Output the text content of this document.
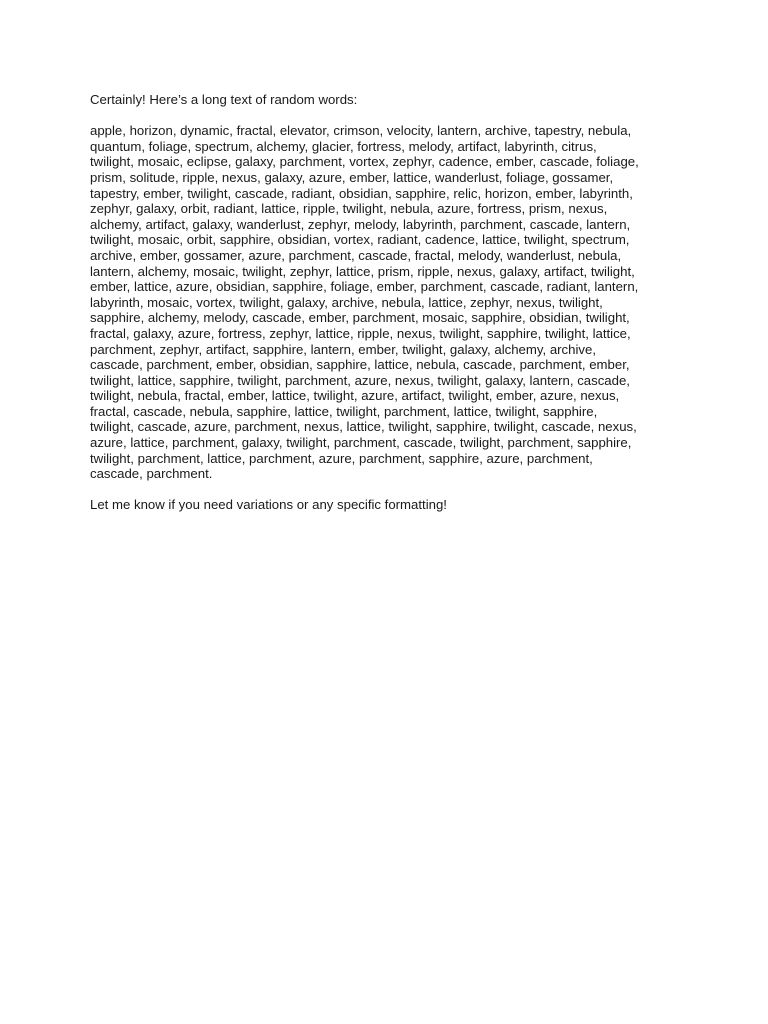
Certainly! Here’s a long text of random words:

apple, horizon, dynamic, fractal, elevator, crimson, velocity, lantern, archive, tapestry, nebula,
quantum, foliage, spectrum, alchemy, glacier, fortress, melody, artifact, labyrinth, citrus,
twilight, mosaic, eclipse, galaxy, parchment, vortex, zephyr, cadence, ember, cascade, foliage,
prism, solitude, ripple, nexus, galaxy, azure, ember, lattice, wanderlust, foliage, gossamer,
tapestry, ember, twilight, cascade, radiant, obsidian, sapphire, relic, horizon, ember, labyrinth,
zephyr, galaxy, orbit, radiant, lattice, ripple, twilight, nebula, azure, fortress, prism, nexus,
alchemy, artifact, galaxy, wanderlust, zephyr, melody, labyrinth, parchment, cascade, lantern,
twilight, mosaic, orbit, sapphire, obsidian, vortex, radiant, cadence, lattice, twilight, spectrum,
archive, ember, gossamer, azure, parchment, cascade, fractal, melody, wanderlust, nebula,
lantern, alchemy, mosaic, twilight, zephyr, lattice, prism, ripple, nexus, galaxy, artifact, twilight,
ember, lattice, azure, obsidian, sapphire, foliage, ember, parchment, cascade, radiant, lantern,
labyrinth, mosaic, vortex, twilight, galaxy, archive, nebula, lattice, zephyr, nexus, twilight,
sapphire, alchemy, melody, cascade, ember, parchment, mosaic, sapphire, obsidian, twilight,
fractal, galaxy, azure, fortress, zephyr, lattice, ripple, nexus, twilight, sapphire, twilight, lattice,
parchment, zephyr, artifact, sapphire, lantern, ember, twilight, galaxy, alchemy, archive,
cascade, parchment, ember, obsidian, sapphire, lattice, nebula, cascade, parchment, ember,
twilight, lattice, sapphire, twilight, parchment, azure, nexus, twilight, galaxy, lantern, cascade,
twilight, nebula, fractal, ember, lattice, twilight, azure, artifact, twilight, ember, azure, nexus,
fractal, cascade, nebula, sapphire, lattice, twilight, parchment, lattice, twilight, sapphire,
twilight, cascade, azure, parchment, nexus, lattice, twilight, sapphire, twilight, cascade, nexus,
azure, lattice, parchment, galaxy, twilight, parchment, cascade, twilight, parchment, sapphire,
twilight, parchment, lattice, parchment, azure, parchment, sapphire, azure, parchment,
cascade, parchment.

Let me know if you need variations or any specific formatting!
